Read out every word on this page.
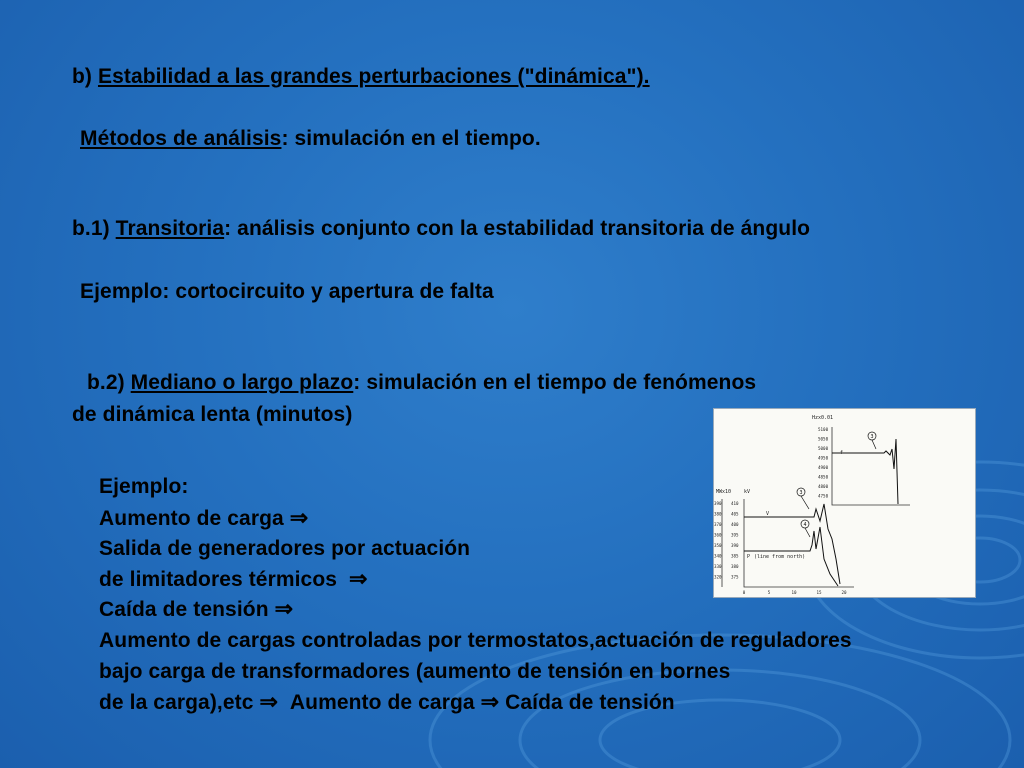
b) Estabilidad a las grandes perturbaciones ("dinámica").

Métodos de análisis: simulación en el tiempo.

b.1) Transitoria: análisis conjunto con la estabilidad transitoria de ángulo

Ejemplo: cortocircuito y apertura de falta

b.2) Mediano o largo plazo: simulación en el tiempo de fenómenos

de dinámica lenta (minutos)

Ejemplo:

Aumento de carga ⇒

Salida de generadores por actuación

de limitadores térmicos ⇒

Caída de tensión ⇒

Aumento de cargas controladas por termostatos,actuación de reguladores

bajo carga de transformadores (aumento de tensión en bornes

de la carga),etc ⇒ Aumento de carga ⇒ Caída de tensión

Hzx0.01
MWx10	kV
f
V
P (line from north)
5100
5050
5000
4950
4900
4850
4800
4750
390
380
370
360
350
340
330
320
410
405
400
395
390
385
380
375
0	5	10	15	20
3
3
4
